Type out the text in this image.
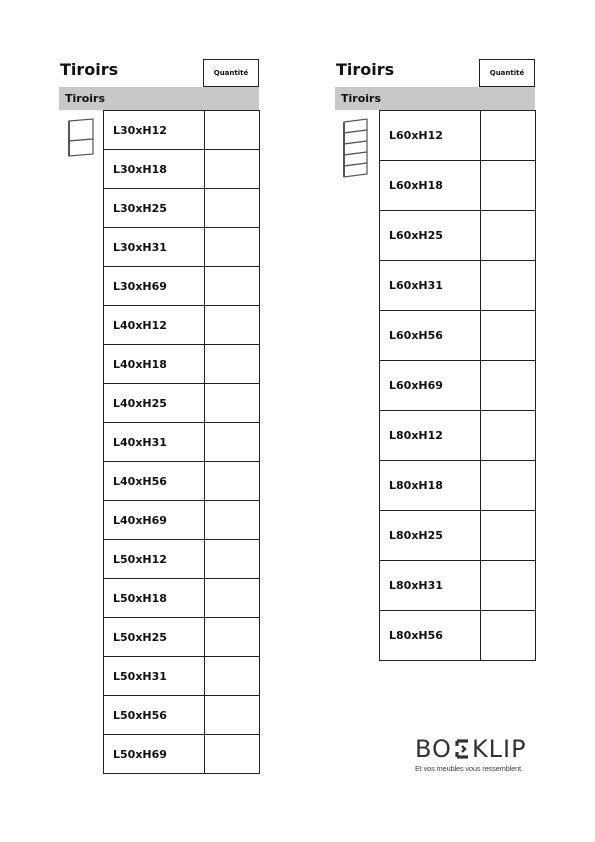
Tiroirs	Quantité
Tiroirs
L30xH12
L30xH18
L30xH25
L30xH31
L30xH69
L40xH12
L40xH18
L40xH25
L40xH31
L40xH56
L40xH69
L50xH12
L50xH18
L50xH25
L50xH31
L50xH56
L50xH69
Tiroirs	Quantité
Tiroirs
L60xH12
L60xH18
L60xH25
L60xH31
L60xH56
L60xH69
L80xH12
L80xH18
L80xH25
L80xH31
L80xH56
BO KLIP
Et vos meubles vous ressemblent.
